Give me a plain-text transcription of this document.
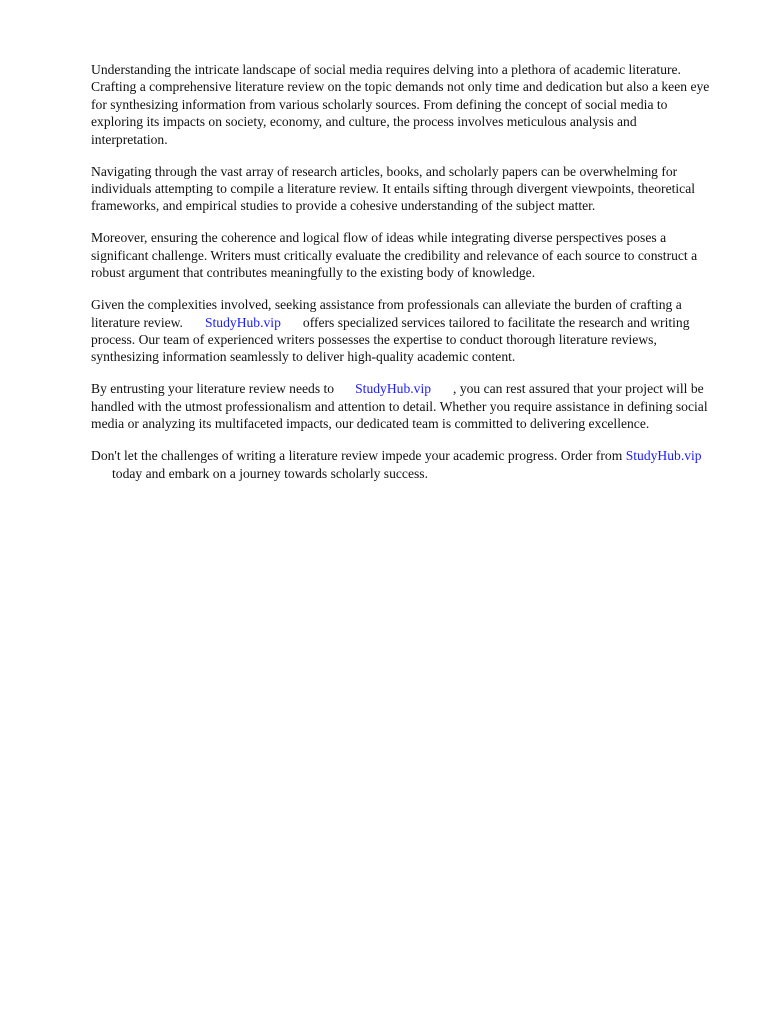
Understanding the intricate landscape of social media requires delving into a plethora of academic literature. Crafting a comprehensive literature review on the topic demands not only time and dedication but also a keen eye for synthesizing information from various scholarly sources. From defining the concept of social media to exploring its impacts on society, economy, and culture, the process involves meticulous analysis and interpretation.

Navigating through the vast array of research articles, books, and scholarly papers can be overwhelming for individuals attempting to compile a literature review. It entails sifting through divergent viewpoints, theoretical frameworks, and empirical studies to provide a cohesive understanding of the subject matter.

Moreover, ensuring the coherence and logical flow of ideas while integrating diverse perspectives poses a significant challenge. Writers must critically evaluate the credibility and relevance of each source to construct a robust argument that contributes meaningfully to the existing body of knowledge.

Given the complexities involved, seeking assistance from professionals can alleviate the burden of crafting a literature review. StudyHub.vip offers specialized services tailored to facilitate the research and writing process. Our team of experienced writers possesses the expertise to conduct thorough literature reviews, synthesizing information seamlessly to deliver high-quality academic content.

By entrusting your literature review needs to StudyHub.vip , you can rest assured that your project will be handled with the utmost professionalism and attention to detail. Whether you require assistance in defining social media or analyzing its multifaceted impacts, our dedicated team is committed to delivering excellence.

Don't let the challenges of writing a literature review impede your academic progress. Order from StudyHub.viptoday and embark on a journey towards scholarly success.
